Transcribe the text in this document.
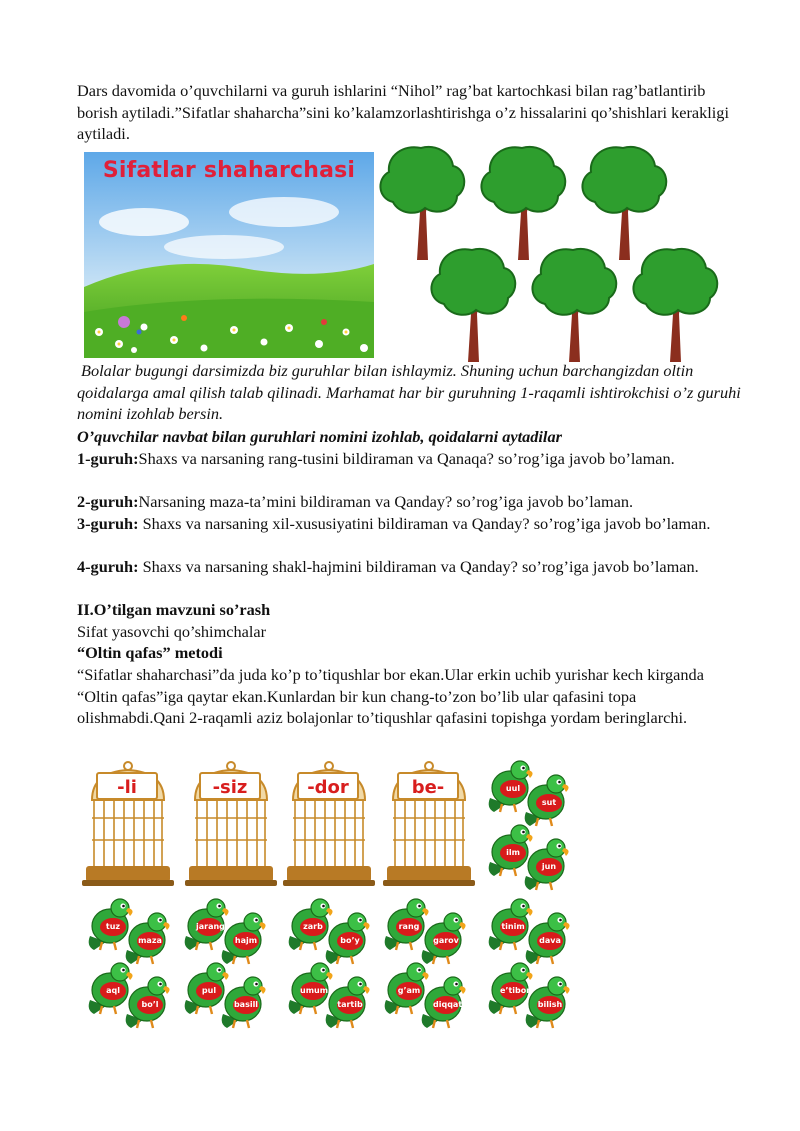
Dars davomida o’quvchilarni va guruh ishlarini “Nihol” rag’bat kartochkasi bilan rag’batlantirib borish aytiladi.”Sifatlar shaharcha”sini ko’kalamzorlashtirishga o’z hissalarini qo’shishlari kerakligi aytiladi.

Sifatlar shaharchasi

Bolalar bugungi darsimizda biz guruhlar bilan ishlaymiz. Shuning uchun barchangizdan oltin qoidalarga amal qilish talab qilinadi. Marhamat har bir guruhning 1-raqamli ishtirokchisi o’z guruhi nomini izohlab bersin.

O’quvchilar navbat bilan guruhlari nomini izohlab, qoidalarni aytadilar

1-guruh:Shaxs va narsaning rang-tusini bildiraman va Qanaqa? so’rog’iga javob bo’laman.

2-guruh:Narsaning maza-ta’mini bildiraman va Qanday? so’rog’iga javob bo’laman.

3-guruh: Shaxs va narsaning xil-xususiyatini bildiraman va Qanday? so’rog’iga javob bo’laman.

4-guruh: Shaxs va narsaning shakl-hajmini bildiraman va Qanday? so’rog’iga javob bo’laman.

II.O’tilgan mavzuni so’rash

Sifat yasovchi qo’shimchalar

“Oltin qafas” metodi

“Sifatlar shaharchasi”da juda ko’p to’tiqushlar bor ekan.Ular erkin uchib yurishar kech kirganda “Oltin qafas”iga qaytar ekan.Kunlardan bir kun chang-to’zon bo’lib ular qafasini topa olishmabdi.Qani 2-raqamli aziz bolajonlar to’tiqushlar qafasini topishga yordam beringlarchi.

-li	-siz	-dor	be-	uul
sut
ilm
jun
tuz
maza
jarang
hajm
zarb
bo’y
rang
garov
tinim
dava
aql
bo’l
pul
basill
umum
tartib
g’am
diqqat
e’tibor
bilish
